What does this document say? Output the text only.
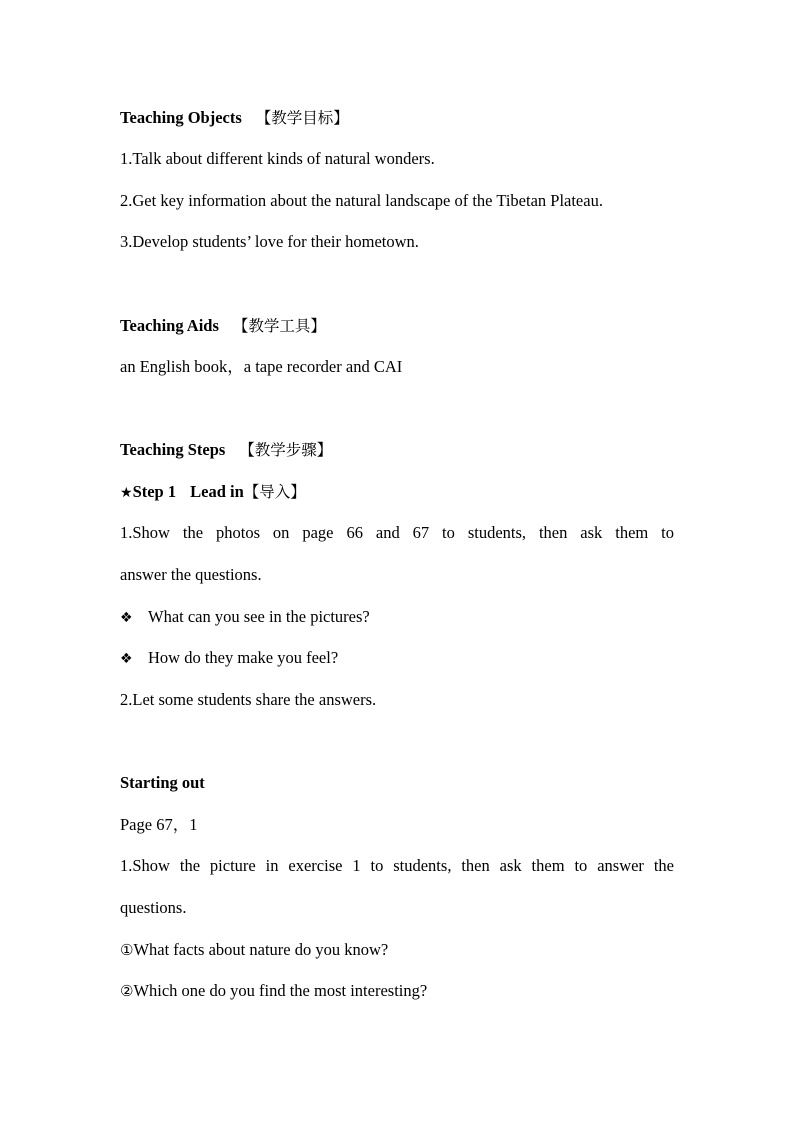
Teaching Objects 【教学目标】
1.Talk about different kinds of natural wonders.
2.Get key information about the natural landscape of the Tibetan Plateau.
3.Develop students’ love for their hometown.
Teaching Aids 【教学工具】
an English book，a tape recorder and CAI
Teaching Steps 【教学步骤】
★Step 1 Lead in【导入】
1.Show the photos on page 66 and 67 to students, then ask them to
answer the questions.
❖ What can you see in the pictures?
❖ How do they make you feel?
2.Let some students share the answers.
Starting out
Page 67，1
1.Show the picture in exercise 1 to students, then ask them to answer the
questions.
①What facts about nature do you know?
②Which one do you find the most interesting?
